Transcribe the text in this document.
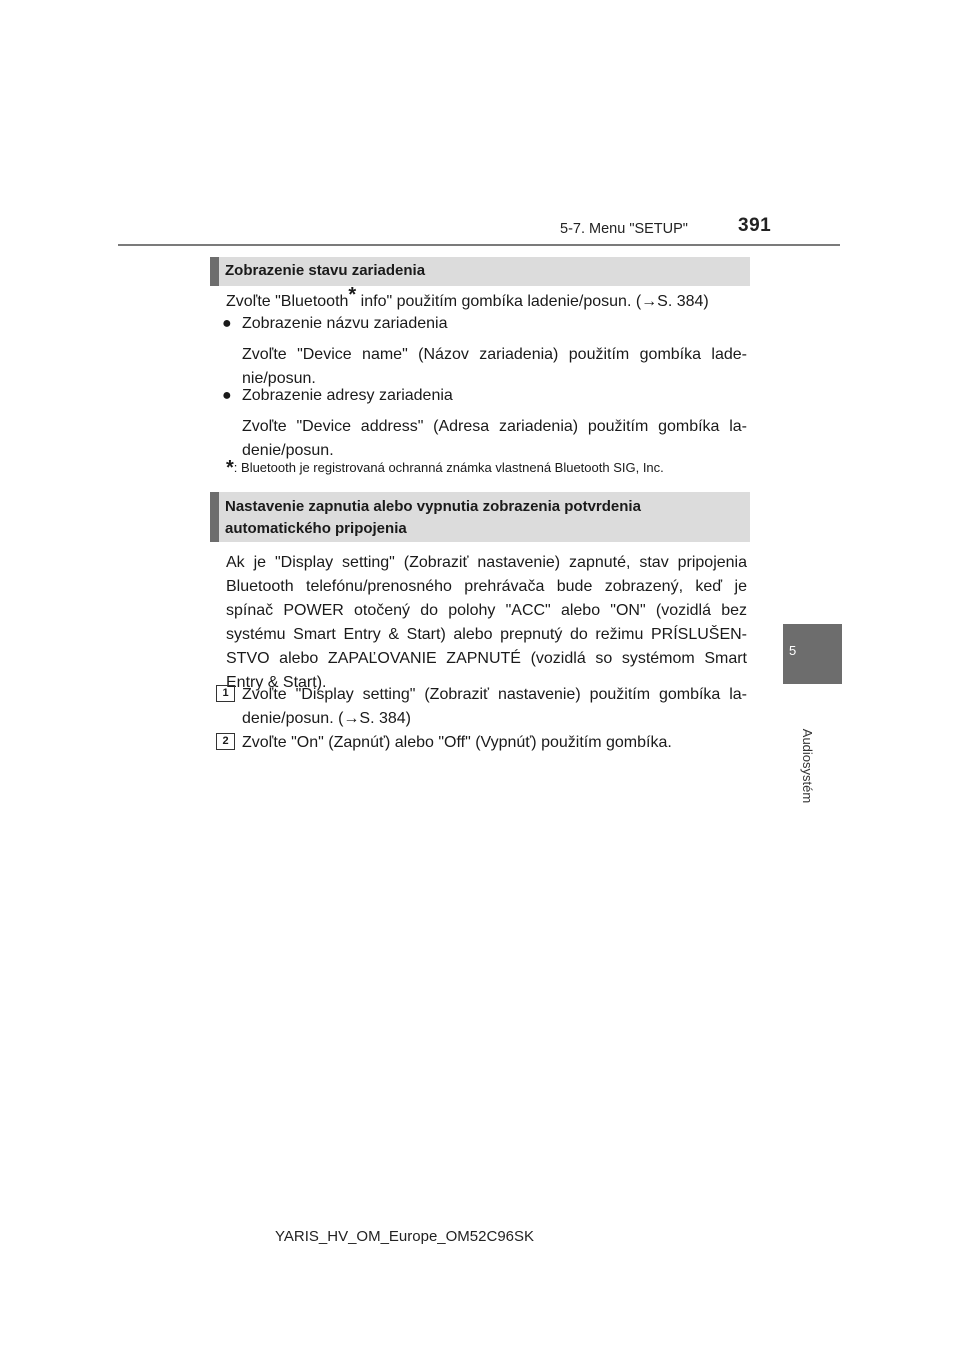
5-7. Menu "SETUP"	391
5
Audiosystém
Zobrazenie stavu zariadenia
Zvoľte "Bluetooth* info" použitím gombíka ladenie/posun. (→S. 384)
● Zobrazenie názvu zariadenia
Zvoľte "Device name" (Názov zariadenia) použitím gombíka lade-nie/posun.
● Zobrazenie adresy zariadenia
Zvoľte "Device address" (Adresa zariadenia) použitím gombíka la-denie/posun.
*: Bluetooth je registrovaná ochranná známka vlastnená Bluetooth SIG, Inc.
Nastavenie zapnutia alebo vypnutia zobrazenia potvrdenia
automatického pripojenia
Ak je "Display setting" (Zobraziť nastavenie) zapnuté, stav pripojenia Bluetooth telefónu/prenosného prehrávača bude zobrazený, keď je spínač POWER otočený do polohy "ACC" alebo "ON" (vozidlá bez systému Smart Entry & Start) alebo prepnutý do režimu PRÍSLUŠEN-STVO alebo ZAPAĽOVANIE ZAPNUTÉ (vozidlá so systémom Smart Entry & Start).
1 Zvoľte "Display setting" (Zobraziť nastavenie) použitím gombíka la-denie/posun. (→S. 384)
2 Zvoľte "On" (Zapnúť) alebo "Off" (Vypnúť) použitím gombíka.
YARIS_HV_OM_Europe_OM52C96SK
